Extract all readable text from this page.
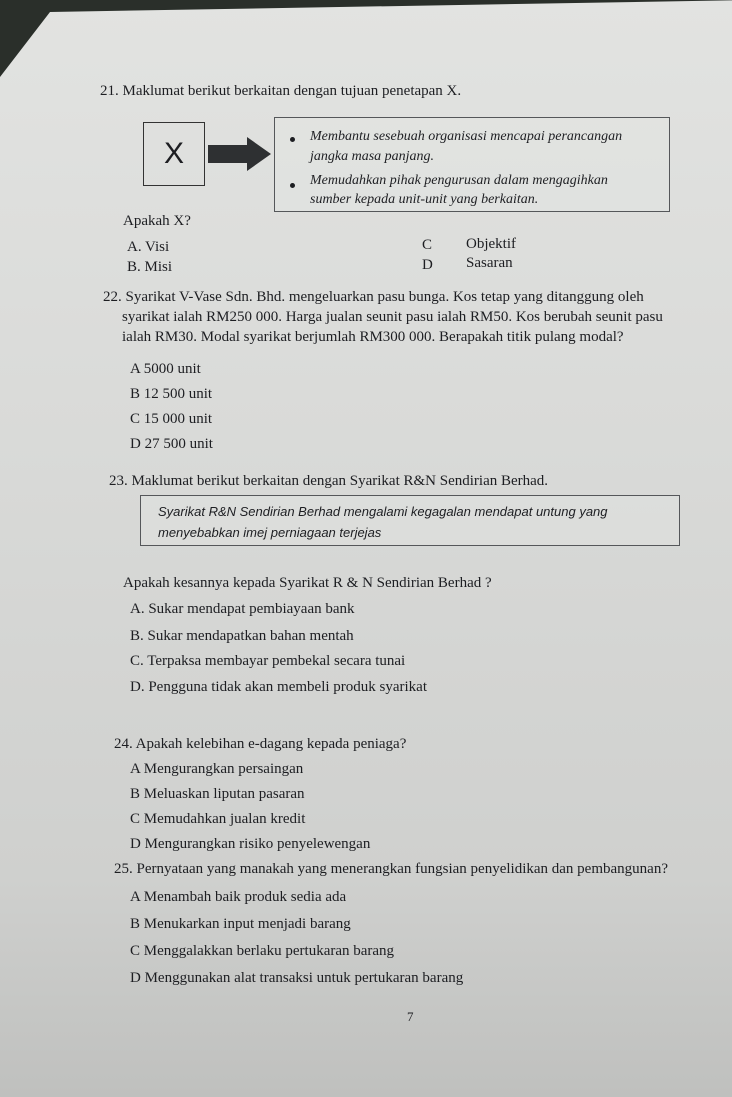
21. Maklumat berikut berkaitan dengan tujuan penetapan X.
X
Membantu sesebuah organisasi mencapai perancangan
jangka masa panjang.
Memudahkan pihak pengurusan dalam mengagihkan
sumber kepada unit-unit yang berkaitan.
Apakah X?
A. Visi
B. Misi
C Objektif
D Sasaran
22. Syarikat V-Vase Sdn. Bhd. mengeluarkan pasu bunga. Kos tetap yang ditanggung oleh
syarikat ialah RM250 000. Harga jualan seunit pasu ialah RM50. Kos berubah seunit pasu
ialah RM30. Modal syarikat berjumlah RM300 000. Berapakah titik pulang modal?
A 5000 unit
B 12 500 unit
C 15 000 unit
D 27 500 unit
23. Maklumat berikut berkaitan dengan Syarikat R&N Sendirian Berhad.
Syarikat R&N Sendirian Berhad mengalami kegagalan mendapat untung yang
menyebabkan imej perniagaan terjejas
Apakah kesannya kepada Syarikat R & N Sendirian Berhad ?
A. Sukar mendapat pembiayaan bank
B. Sukar mendapatkan bahan mentah
C. Terpaksa membayar pembekal secara tunai
D. Pengguna tidak akan membeli produk syarikat
24. Apakah kelebihan e-dagang kepada peniaga?
A Mengurangkan persaingan
B Meluaskan liputan pasaran
C Memudahkan jualan kredit
D Mengurangkan risiko penyelewengan
25. Pernyataan yang manakah yang menerangkan fungsian penyelidikan dan pembangunan?
A Menambah baik produk sedia ada
B Menukarkan input menjadi barang
C Menggalakkan berlaku pertukaran barang
D Menggunakan alat transaksi untuk pertukaran barang
7
